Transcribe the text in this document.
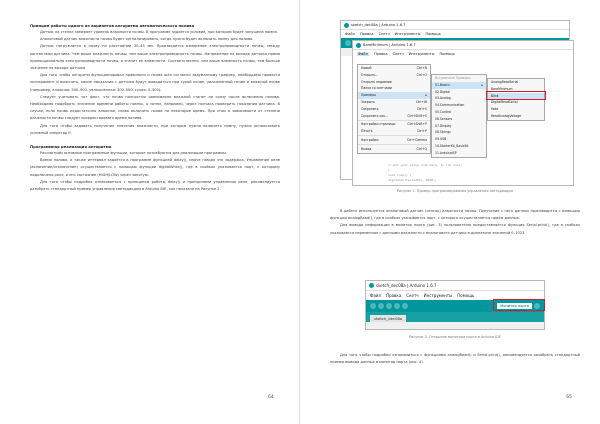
Принцип работы одного из вариантов алгоритма автоматического полива
Датчик на стенке замеряет уровень влажности почвы. В программе задаётся условие, при котором будет запущена помпа.
Аналоговый датчик влажности почвы будет сигнализировать, когда нужно будет включить помпу для полива.
Датчик погружается в почву на расстоянии 30–45 мм. Производится измерение электропроводности почвы, между контактами датчика. Чем выше влажность почвы, тем выше электропроводность почвы. Напряжение на выходе датчика прямо пропорционально электропроводности почвы, а значит её влажности. Соответственно, чем выше влажность почвы, тем больше значение на выходе датчика.
Для того чтобы алгоритм функционировал правильно и полив шёл согласно задуманному графику, необходимо провести эксперимент и выяснить, какие показания с датчика будут выводиться при сухой почве, увлажнённой почве и влажной почве (например, влажная: 500–900, увлажнённая: 300–500, сухая: 0–300).
Следует учитывать тот факт, что почва полностью равномерно влажной станет не сразу после включения полива. Необходимо подобрать значение времени работы помпы, а затем, например, через полчаса проверить показания датчика. В случае, если почва недостаточно влажная, снова включить полив на некоторое время. При этом в зависимости от степени влажности почвы следует скорректировать время полива.
Для того чтобы задавать получение значения влажности, при котором нужно включить помпу, нужно использовать условный оператор if.
Программная реализация алгоритма
Рассмотрим основные программные функции, которые потребуются для реализации программы.
Время полива, а также интервал задаётся в программе функцией delay(), иначе говоря это задержка. Управление реле (включение/отключение) осуществляется с помощью функции digitalWrite(), где в скобках указывается порт, к которому подключено реле, и его состояние (HIGH/LOW) через запятую.
Для того чтобы подробно ознакомиться с принципом работы delay() и принципами управления реле, рекомендуется разобрать стандартный пример управления светодиодом в Arduino IDE, как показано на Рисунке 2.
64
sketch_dec08a | Arduino 1.6.7
Файл Правка Скетч Инструменты Помощь
BareMinimum | Arduino 1.6.7
Файл Правка Скетч Инструменты Помощь
// put your setup code here, to run once:
}
void loop() {
digitalWrite(ledPin, HIGH);
Новый	Ctrl+N
Открыть...	Ctrl+O
Открыть недавние
Папка со скетчами
Примеры	▸
Закрыть	Ctrl+W
Сохранить	Ctrl+S
Сохранить как...	Ctrl+Shift+S
Настройки страницы	Ctrl+Shift+P
Печать	Ctrl+P
Настройки	Ctrl+Comma
Выход	Ctrl+Q
Встроенные Примеры
01.Basics	▸
02.Digital
03.Analog
04.Communication
05.Control
06.Sensors
07.Display
08.Strings
09.USB
10.StarterKit_BasicKit
11.ArduinoISP
AnalogReadSerial
BareMinimum
Blink
DigitalReadSerial
Fade
ReadAnalogVoltage
Рисунок 2. Пример программирования управления светодиодом
В работе используется аналоговый датчик (сенсор) влажности почвы. Получение с него данных производится с помощью функции analogRead(), где в скобках указывается порт, с которого осуществляется приём данных.
Для вывода информации в монитор порта (рис. 3) пользователю предоставляется функция Serial.print(), где в скобках указывается переменная с данными влажности с аналогового датчика в диапазоне значений 0–1023.
sketch_dec08a | Arduino 1.6.7
Файл Правка Скетч Инструменты Помощь
Монитор порта
sketch_dec08a
Рисунок 3. Открытие монитора порта в Arduino IDE
Для того чтобы подробно ознакомиться с функциями analogRead() и Serial.print(), рекомендуется разобрать стандартный пример вывода данных в монитор порта (рис. 4).
65
